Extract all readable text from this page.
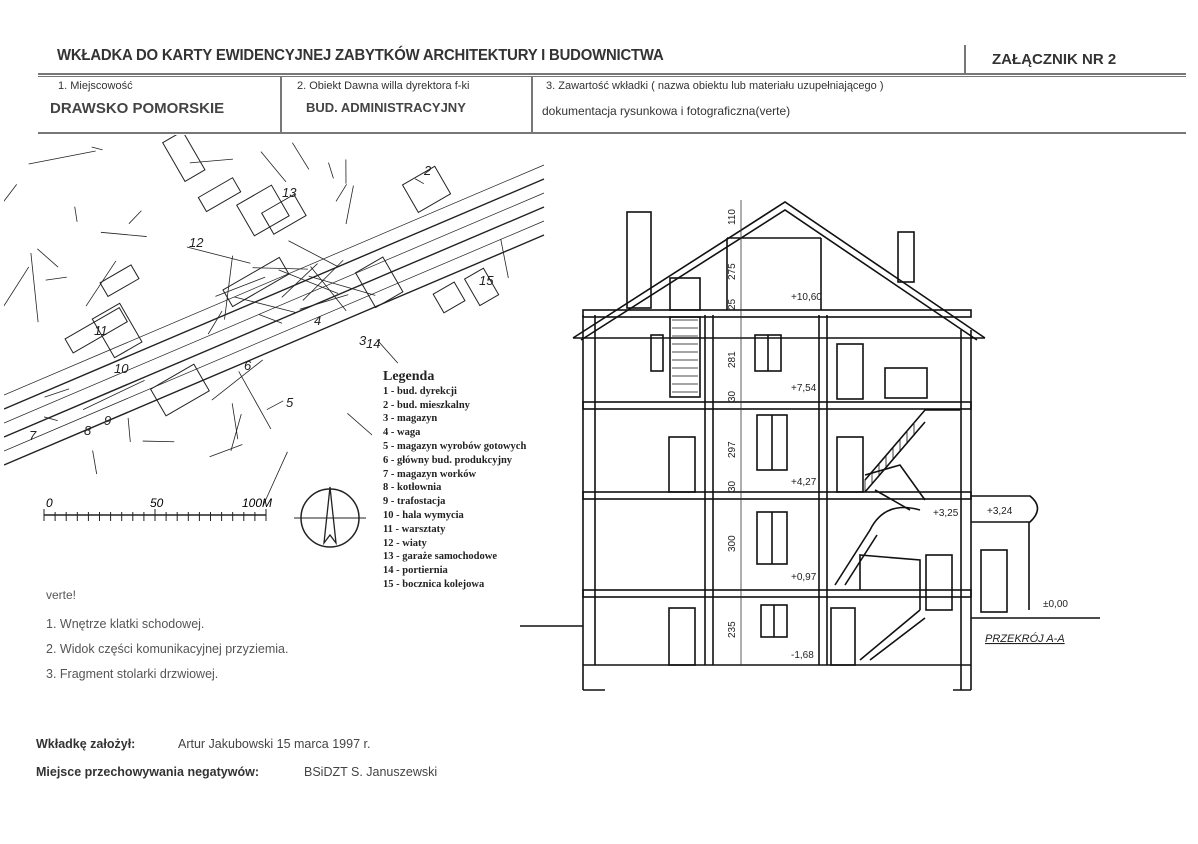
WKŁADKA DO KARTY EWIDENCYJNEJ ZABYTKÓW ARCHITEKTURY I BUDOWNICTWA	ZAŁĄCZNIK NR 2
1. Miejscowość
DRAWSKO POMORSKIE
2. Obiekt Dawna willa dyrektora f-ki
BUD. ADMINISTRACYJNY
3. Zawartość wkładki ( nazwa obiektu lub materiału uzupełniającego )
dokumentacja rysunkowa i fotograficzna(verte)
12
11
10
8
9
7
6
5
4
3 14
13
2
15
0	50	100M
Legenda
1 - bud. dyrekcji
2 - bud. mieszkalny
3 - magazyn
4 - waga
5 - magazyn wyrobów gotowych
6 - główny bud. produkcyjny
7 - magazyn worków
8 - kotłownia
9 - trafostacja
10 - hala wymycia
11 - warsztaty
12 - wiaty
13 - garaże samochodowe
14 - portiernia
15 - bocznica kolejowa
110
275
25
281
30
297
30
300
235
+10,60
+7,54
+4,27
+3,25	+3,24
+0,97
±0,00
-1,68
PRZEKRÓJ A-A
verte!
1. Wnętrze klatki schodowej.
2. Widok części komunikacyjnej przyziemia.
3. Fragment stolarki drzwiowej.
Wkładkę założył:	Artur Jakubowski 15 marca 1997 r.
Miejsce przechowywania negatywów:	BSiDZT S. Januszewski
